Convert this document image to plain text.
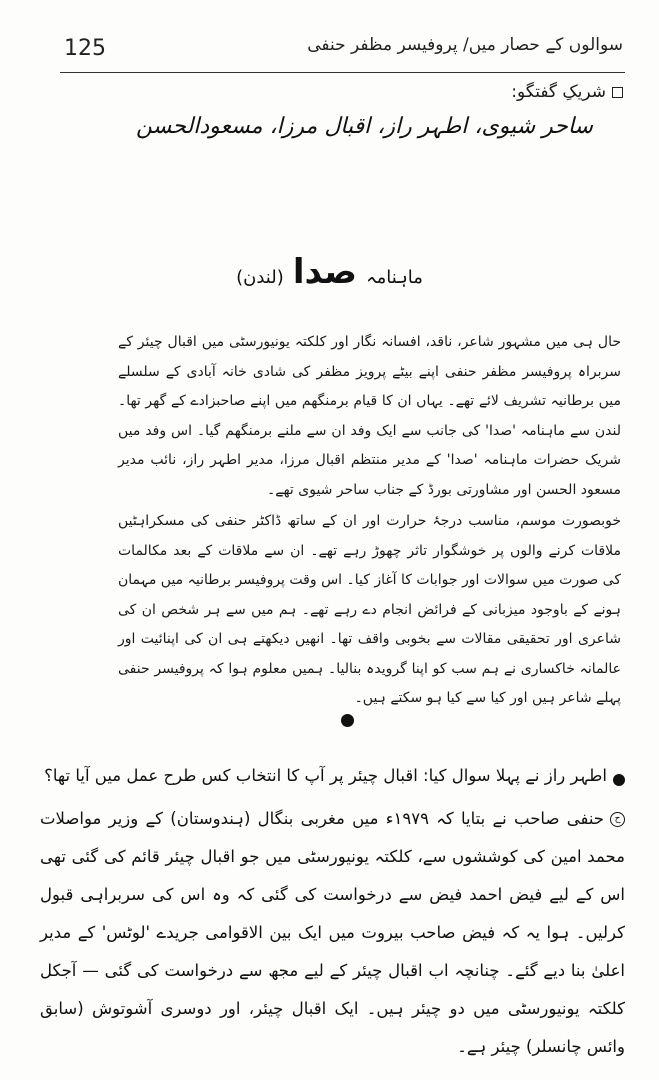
125	سوالوں کے حصار میں/ پروفیسر مظفر حنفی
شریکِ گفتگو:
ساحر شیوی، اطہر راز، اقبال مرزا، مسعودالحسن
ماہنامہ صدا (لندن)

حال ہی میں مشہور شاعر، ناقد، افسانہ نگار اور کلکتہ یونیورسٹی میں اقبال چیئر کے سربراہ پروفیسر مظفر حنفی اپنے بیٹے پرویز مظفر کی شادی خانہ آبادی کے سلسلے میں برطانیہ تشریف لائے تھے۔ یہاں ان کا قیام برمنگھم میں اپنے صاحبزادے کے گھر تھا۔ لندن سے ماہنامہ 'صدا' کی جانب سے ایک وفد ان سے ملنے برمنگھم گیا۔ اس وفد میں شریک حضرات ماہنامہ 'صدا' کے مدیر منتظم اقبال مرزا، مدیر اطہر راز، نائب مدیر مسعود الحسن اور مشاورتی بورڈ کے جناب ساحر شیوی تھے۔

خوبصورت موسم، مناسب درجۂ حرارت اور ان کے ساتھ ڈاکٹر حنفی کی مسکراہٹیں ملاقات کرنے والوں پر خوشگوار تاثر چھوڑ رہے تھے۔ ان سے ملاقات کے بعد مکالمات کی صورت میں سوالات اور جوابات کا آغاز کیا۔ اس وقت پروفیسر برطانیہ میں مہمان ہونے کے باوجود میزبانی کے فرائض انجام دے رہے تھے۔ ہم میں سے ہر شخص ان کی شاعری اور تحقیقی مقالات سے بخوبی واقف تھا۔ انھیں دیکھتے ہی ان کی اپنائیت اور عالمانہ خاکساری نے ہم سب کو اپنا گرویدہ بنالیا۔ ہمیں معلوم ہوا کہ پروفیسر حنفی پہلے شاعر ہیں اور کیا سے کیا ہو سکتے ہیں۔

اطہر راز نے پہلا سوال کیا: اقبال چیئر پر آپ کا انتخاب کس طرح عمل میں آیا تھا؟
ححنفی صاحب نے بتایا کہ ۱۹۷۹ء میں مغربی بنگال (ہندوستان) کے وزیر مواصلات محمد امین کی کوششوں سے، کلکتہ یونیورسٹی میں جو اقبال چیئر قائم کی گئی تھی اس کے لیے فیض احمد فیض سے درخواست کی گئی کہ وہ اس کی سربراہی قبول کرلیں۔ ہوا یہ کہ فیض صاحب بیروت میں ایک بین الاقوامی جریدے 'لوٹس' کے مدیر اعلیٰ بنا دیے گئے۔ چنانچہ اب اقبال چیئر کے لیے مجھ سے درخواست کی گئی — آجکل کلکتہ یونیورسٹی میں دو چیئر ہیں۔ ایک اقبال چیئر، اور دوسری آشوتوش (سابق وائس چانسلر) چیئر ہے۔
